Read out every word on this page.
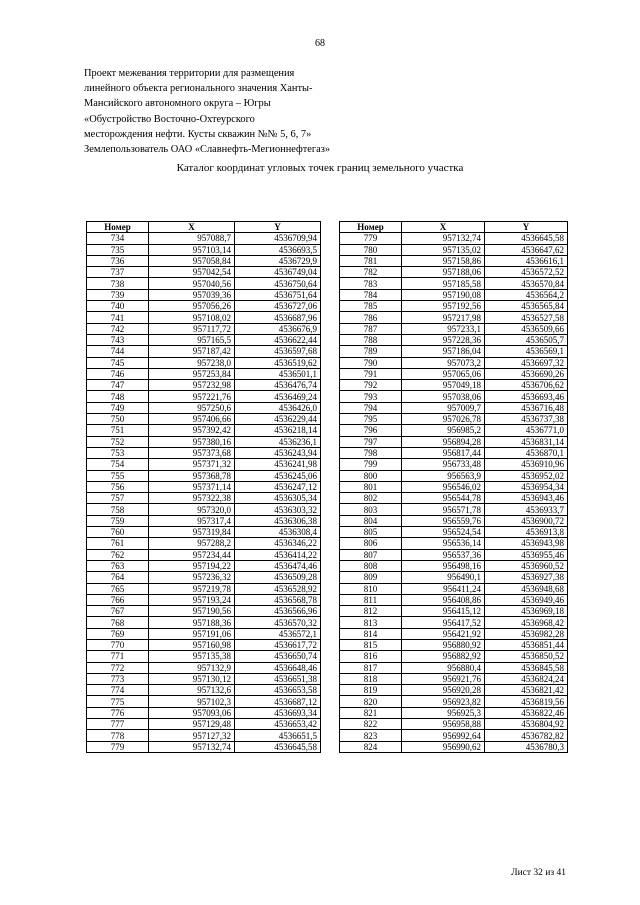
68
Проект межевания территории для размещения
линейного объекта регионального значения Ханты-
Мансийского автономного округа – Югры
«Обустройство Восточно-Охтеурского
месторождения нефти. Кусты скважин №№ 5, 6, 7»
Землепользователь ОАО «Славнефть-Мегионнефтегаз»
Каталог координат угловых точек границ земельного участка
Номер	X	Y
734	957088,7	4536709,94
735	957103,14	4536693,5
736	957058,84	4536729,9
737	957042,54	4536749,04
738	957040,56	4536750,64
739	957039,36	4536751,64
740	957056,26	4536727,06
741	957108,02	4536687,96
742	957117,72	4536676,9
743	957165,5	4536622,44
744	957187,42	4536597,68
745	957238,0	4536519,62
746	957253,84	4536501,1
747	957232,98	4536476,74
748	957221,76	4536469,24
749	957250,6	4536426,0
750	957406,66	4536229,44
751	957392,42	4536218,14
752	957380,16	4536236,1
753	957373,68	4536243,94
754	957371,32	4536241,98
755	957368,78	4536245,06
756	957371,14	4536247,12
757	957322,38	4536305,34
758	957320,0	4536303,32
759	957317,4	4536306,38
760	957319,84	4536308,4
761	957288,2	4536346,22
762	957234,44	4536414,22
763	957194,22	4536474,46
764	957236,32	4536509,28
765	957219,78	4536528,92
766	957193,24	4536568,78
767	957190,56	4536566,96
768	957188,36	4536570,32
769	957191,06	4536572,1
770	957160,98	4536617,72
771	957135,38	4536650,74
772	957132,9	4536648,46
773	957130,12	4536651,38
774	957132,6	4536653,58
775	957102,3	4536687,12
776	957093,06	4536693,34
777	957129,48	4536653,42
778	957127,32	4536651,5
779	957132,74	4536645,58
Номер	X	Y
779	957132,74	4536645,58
780	957135,02	4536647,62
781	957158,86	4536616,1
782	957188,06	4536572,52
783	957185,58	4536570,84
784	957190,08	4536564,2
785	957192,56	4536565,84
786	957217,98	4536527,58
787	957233,1	4536509,66
788	957228,36	4536505,7
789	957186,04	4536569,1
790	957073,2	4536697,32
791	957065,06	4536690,26
792	957049,18	4536706,62
793	957038,06	4536693,46
794	957009,7	4536716,48
795	957026,78	4536737,38
796	956985,2	4536771,0
797	956894,28	4536831,14
798	956817,44	4536870,1
799	956733,48	4536910,96
800	956563,9	4536952,02
801	956546,02	4536954,34
802	956544,78	4536943,46
803	956571,78	4536933,7
804	956559,76	4536900,72
805	956524,54	4536913,8
806	956536,14	4536943,98
807	956537,36	4536955,46
808	956498,16	4536960,52
809	956490,1	4536927,38
810	956411,24	4536948,68
811	956408,86	4536949,46
812	956415,12	4536969,18
813	956417,52	4536968,42
814	956421,92	4536982,28
815	956880,92	4536851,44
816	956882,92	4536850,52
817	956880,4	4536845,58
818	956921,76	4536824,24
819	956920,28	4536821,42
820	956923,82	4536819,56
821	956925,3	4536822,46
822	956958,88	4536804,92
823	956992,64	4536782,82
824	956990,62	4536780,3
Лист 32 из 41
